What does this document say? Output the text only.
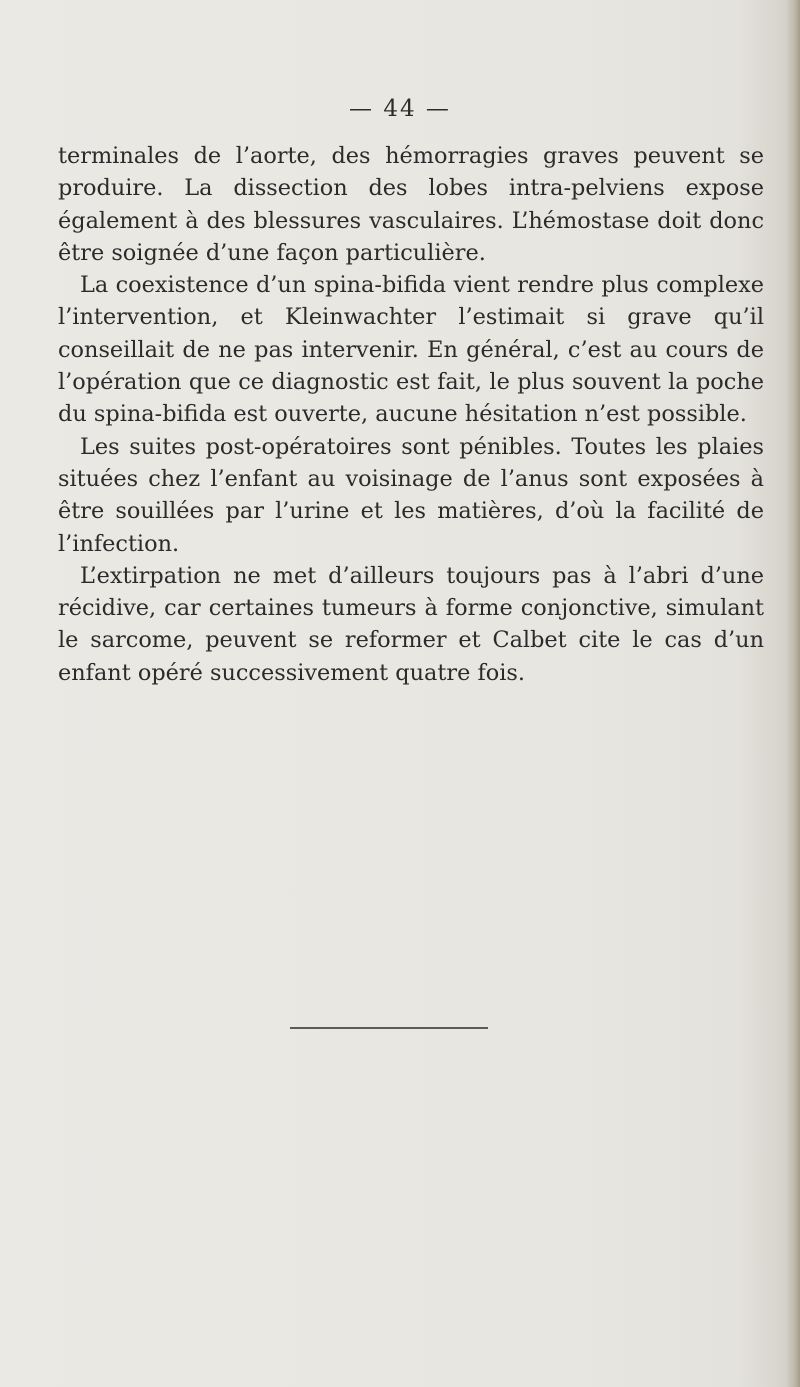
— 44 —

terminales de l’aorte, des hémorragies graves peuvent se produire. La dissection des lobes intra-pelviens expose également à des blessures vasculaires. L’hémostase doit donc être soignée d’une façon particulière.

La coexistence d’un spina-bifida vient rendre plus complexe l’intervention, et Kleinwachter l’estimait si grave qu’il conseillait de ne pas intervenir. En général, c’est au cours de l’opération que ce diagnostic est fait, le plus souvent la poche du spina-bifida est ouverte, aucune hésitation n’est possible.

Les suites post-opératoires sont pénibles. Toutes les plaies situées chez l’enfant au voisinage de l’anus sont exposées à être souillées par l’urine et les matières, d’où la facilité de l’infection.

L’extirpation ne met d’ailleurs toujours pas à l’abri d’une récidive, car certaines tumeurs à forme conjonctive, simulant le sarcome, peuvent se reformer et Calbet cite le cas d’un enfant opéré successivement quatre fois.
